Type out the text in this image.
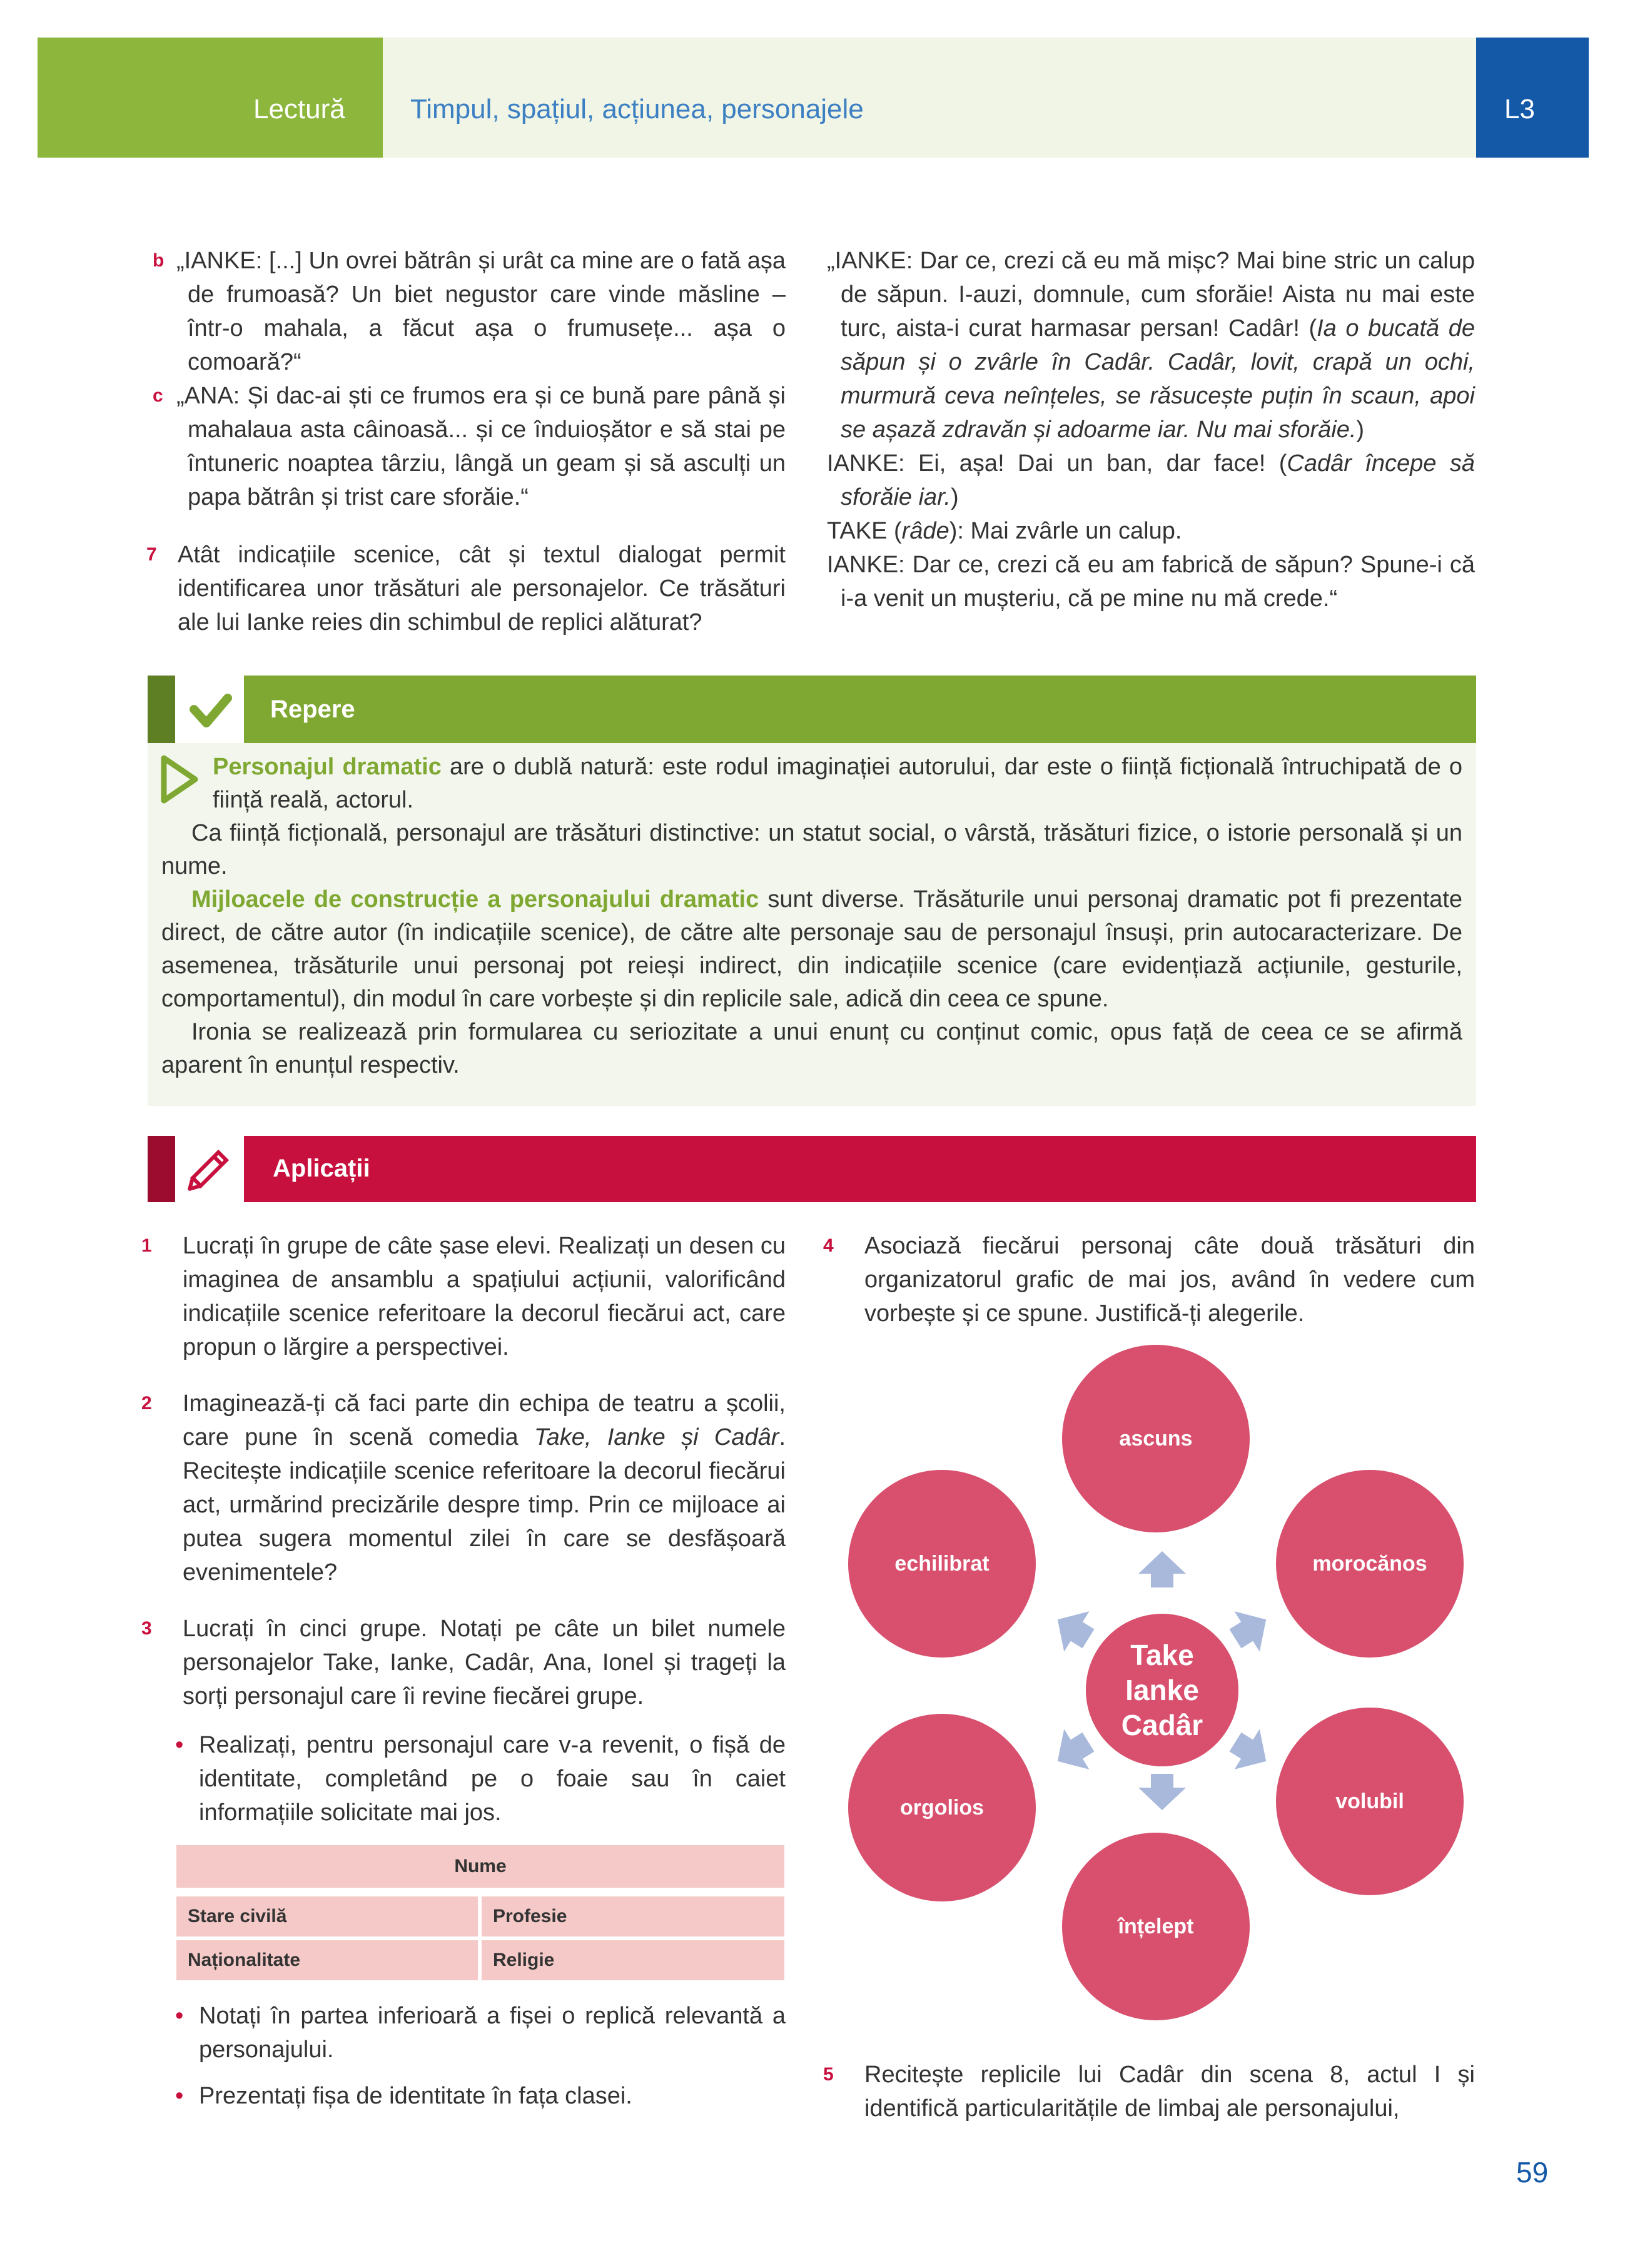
Lectură Timpul, spațiul, acțiunea, personajele	L3
b „IANKE: [...] Un ovrei bătrân și urât ca mine are o fată așa de frumoasă? Un biet negustor care vinde măsline – într-o mahala, a făcut așa o frumusețe... așa o comoară?“

c „ANA: Și dac-ai ști ce frumos era și ce bună pare până și mahalaua asta câinoasă... și ce înduioșător e să stai pe întuneric noaptea târziu, lângă un geam și să asculți un papa bătrân și trist care sforăie.“

7 Atât indicațiile scenice, cât și textul dialogat permit identificarea unor trăsături ale personajelor. Ce trăsături ale lui Ianke reies din schimbul de replici alăturat?

„IANKE: Dar ce, crezi că eu mă mișc? Mai bine stric un calup de săpun. I-auzi, domnule, cum sforăie! Aista nu mai este turc, aista-i curat harmasar persan! Cadâr! (Ia o bucată de săpun și o zvârle în Cadâr. Cadâr, lovit, crapă un ochi, murmură ceva neînțeles, se răsucește puțin în scaun, apoi se așază zdravăn și adoarme iar. Nu mai sforăie.)

IANKE: Ei, așa! Dai un ban, dar face! (Cadâr începe să sforăie iar.)

TAKE (râde): Mai zvârle un calup.

IANKE: Dar ce, crezi că eu am fabrică de săpun? Spune-i că i-a venit un mușteriu, că pe mine nu mă crede.“

Repere

Personajul dramatic are o dublă natură: este rodul imaginației autorului, dar este o ființă ficțională întruchipată de o ființă reală, actorul.

Ca ființă ficțională, personajul are trăsături distinctive: un statut social, o vârstă, trăsături fizice, o istorie personală și un nume.

Mijloacele de construcție a personajului dramatic sunt diverse. Trăsăturile unui personaj dramatic pot fi prezentate direct, de către autor (în indicațiile scenice), de către alte personaje sau de personajul însuși, prin autocaracterizare. De asemenea, trăsăturile unui personaj pot reieși indirect, din indicațiile scenice (care evidențiază acțiunile, gesturile, comportamentul), din modul în care vorbește și din replicile sale, adică din ceea ce spune.

Ironia se realizează prin formularea cu seriozitate a unui enunț cu conținut comic, opus față de ceea ce se afirmă aparent în enunțul respectiv.

Aplicații
1 Lucrați în grupe de câte șase elevi. Realizați un desen cu imaginea de ansamblu a spațiului acțiunii, valorificând indicațiile scenice referitoare la decorul fiecărui act, care propun o lărgire a perspectivei.

2 Imaginează-ți că faci parte din echipa de teatru a școlii, care pune în scenă comedia Take, Ianke și Cadâr. Recitește indicațiile scenice referitoare la decorul fiecărui act, urmărind precizările despre timp. Prin ce mijloace ai putea sugera momentul zilei în care se desfășoară evenimentele?

3 Lucrați în cinci grupe. Notați pe câte un bilet numele personajelor Take, Ianke, Cadâr, Ana, Ionel și trageți la sorți personajul care îi revine fiecărei grupe.

• Realizați, pentru personajul care v-a revenit, o fișă de identitate, completând pe o foaie sau în caiet informațiile solicitate mai jos.

Nume
Stare civilă	Profesie
Naționalitate	Religie

• Notați în partea inferioară a fișei o replică relevantă a personajului.

• Prezentați fișa de identitate în fața clasei.

4 Asociază fiecărui personaj câte două trăsături din organizatorul grafic de mai jos, având în vedere cum vorbește și ce spune. Justifică-ți alegerile.

ascuns
morocănos
volubil
înțelept
orgolios
echilibrat
Take
Ianke
Cadâr
5 Recitește replicile lui Cadâr din scena 8, actul I și identifică particularitățile de limbaj ale personajului,

59
